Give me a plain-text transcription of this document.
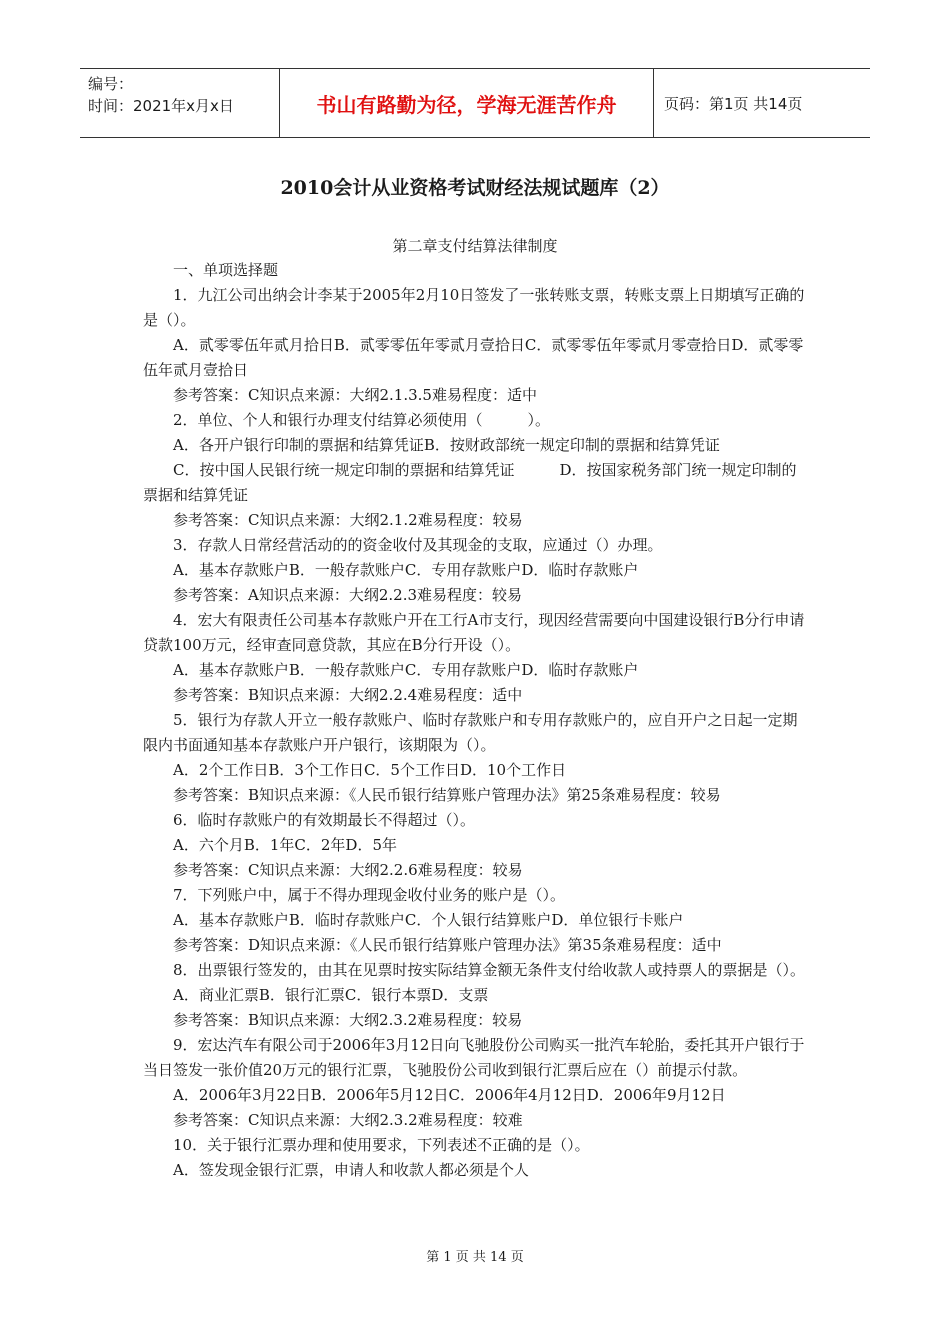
编号：
时间：2021年x月x日	书山有路勤为径，学海无涯苦作舟	页码：第1页 共14页
2010会计从业资格考试财经法规试题库（2）
第二章支付结算法律制度

一、单项选择题

1．九江公司出纳会计李某于2005年2月10日签发了一张转账支票，转账支票上日期填写正确的是（）。

A．贰零零伍年贰月拾日B．贰零零伍年零贰月壹拾日C．贰零零伍年零贰月零壹拾日D．贰零零伍年贰月壹拾日

参考答案：C知识点来源：大纲2.1.3.5难易程度：适中

2．单位、个人和银行办理支付结算必须使用（　　　）。

A．各开户银行印制的票据和结算凭证B．按财政部统一规定印制的票据和结算凭证

C．按中国人民银行统一规定印制的票据和结算凭证　　　D．按国家税务部门统一规定印制的票据和结算凭证

参考答案：C知识点来源：大纲2.1.2难易程度：较易

3．存款人日常经营活动的的资金收付及其现金的支取，应通过（）办理。

A．基本存款账户B．一般存款账户C．专用存款账户D．临时存款账户

参考答案：A知识点来源：大纲2.2.3难易程度：较易

4．宏大有限责任公司基本存款账户开在工行A市支行，现因经营需要向中国建设银行B分行申请贷款100万元，经审查同意贷款，其应在B分行开设（）。

A．基本存款账户B．一般存款账户C．专用存款账户D．临时存款账户

参考答案：B知识点来源：大纲2.2.4难易程度：适中

5．银行为存款人开立一般存款账户、临时存款账户和专用存款账户的，应自开户之日起一定期限内书面通知基本存款账户开户银行，该期限为（）。

A．2个工作日B．3个工作日C．5个工作日D．10个工作日

参考答案：B知识点来源：《人民币银行结算账户管理办法》第25条难易程度：较易

6．临时存款账户的有效期最长不得超过（）。

A．六个月B．1年C．2年D．5年

参考答案：C知识点来源：大纲2.2.6难易程度：较易

7．下列账户中，属于不得办理现金收付业务的账户是（）。

A．基本存款账户B．临时存款账户C．个人银行结算账户D．单位银行卡账户

参考答案：D知识点来源：《人民币银行结算账户管理办法》第35条难易程度：适中

8．出票银行签发的，由其在见票时按实际结算金额无条件支付给收款人或持票人的票据是（）。

A．商业汇票B．银行汇票C．银行本票D．支票

参考答案：B知识点来源：大纲2.3.2难易程度：较易

9．宏达汽车有限公司于2006年3月12日向飞驰股份公司购买一批汽车轮胎，委托其开户银行于当日签发一张价值20万元的银行汇票，飞驰股份公司收到银行汇票后应在（）前提示付款。

A．2006年3月22日B．2006年5月12日C．2006年4月12日D．2006年9月12日

参考答案：C知识点来源：大纲2.3.2难易程度：较难

10．关于银行汇票办理和使用要求，下列表述不正确的是（）。

A．签发现金银行汇票，申请人和收款人都必须是个人

第 1 页 共 14 页
